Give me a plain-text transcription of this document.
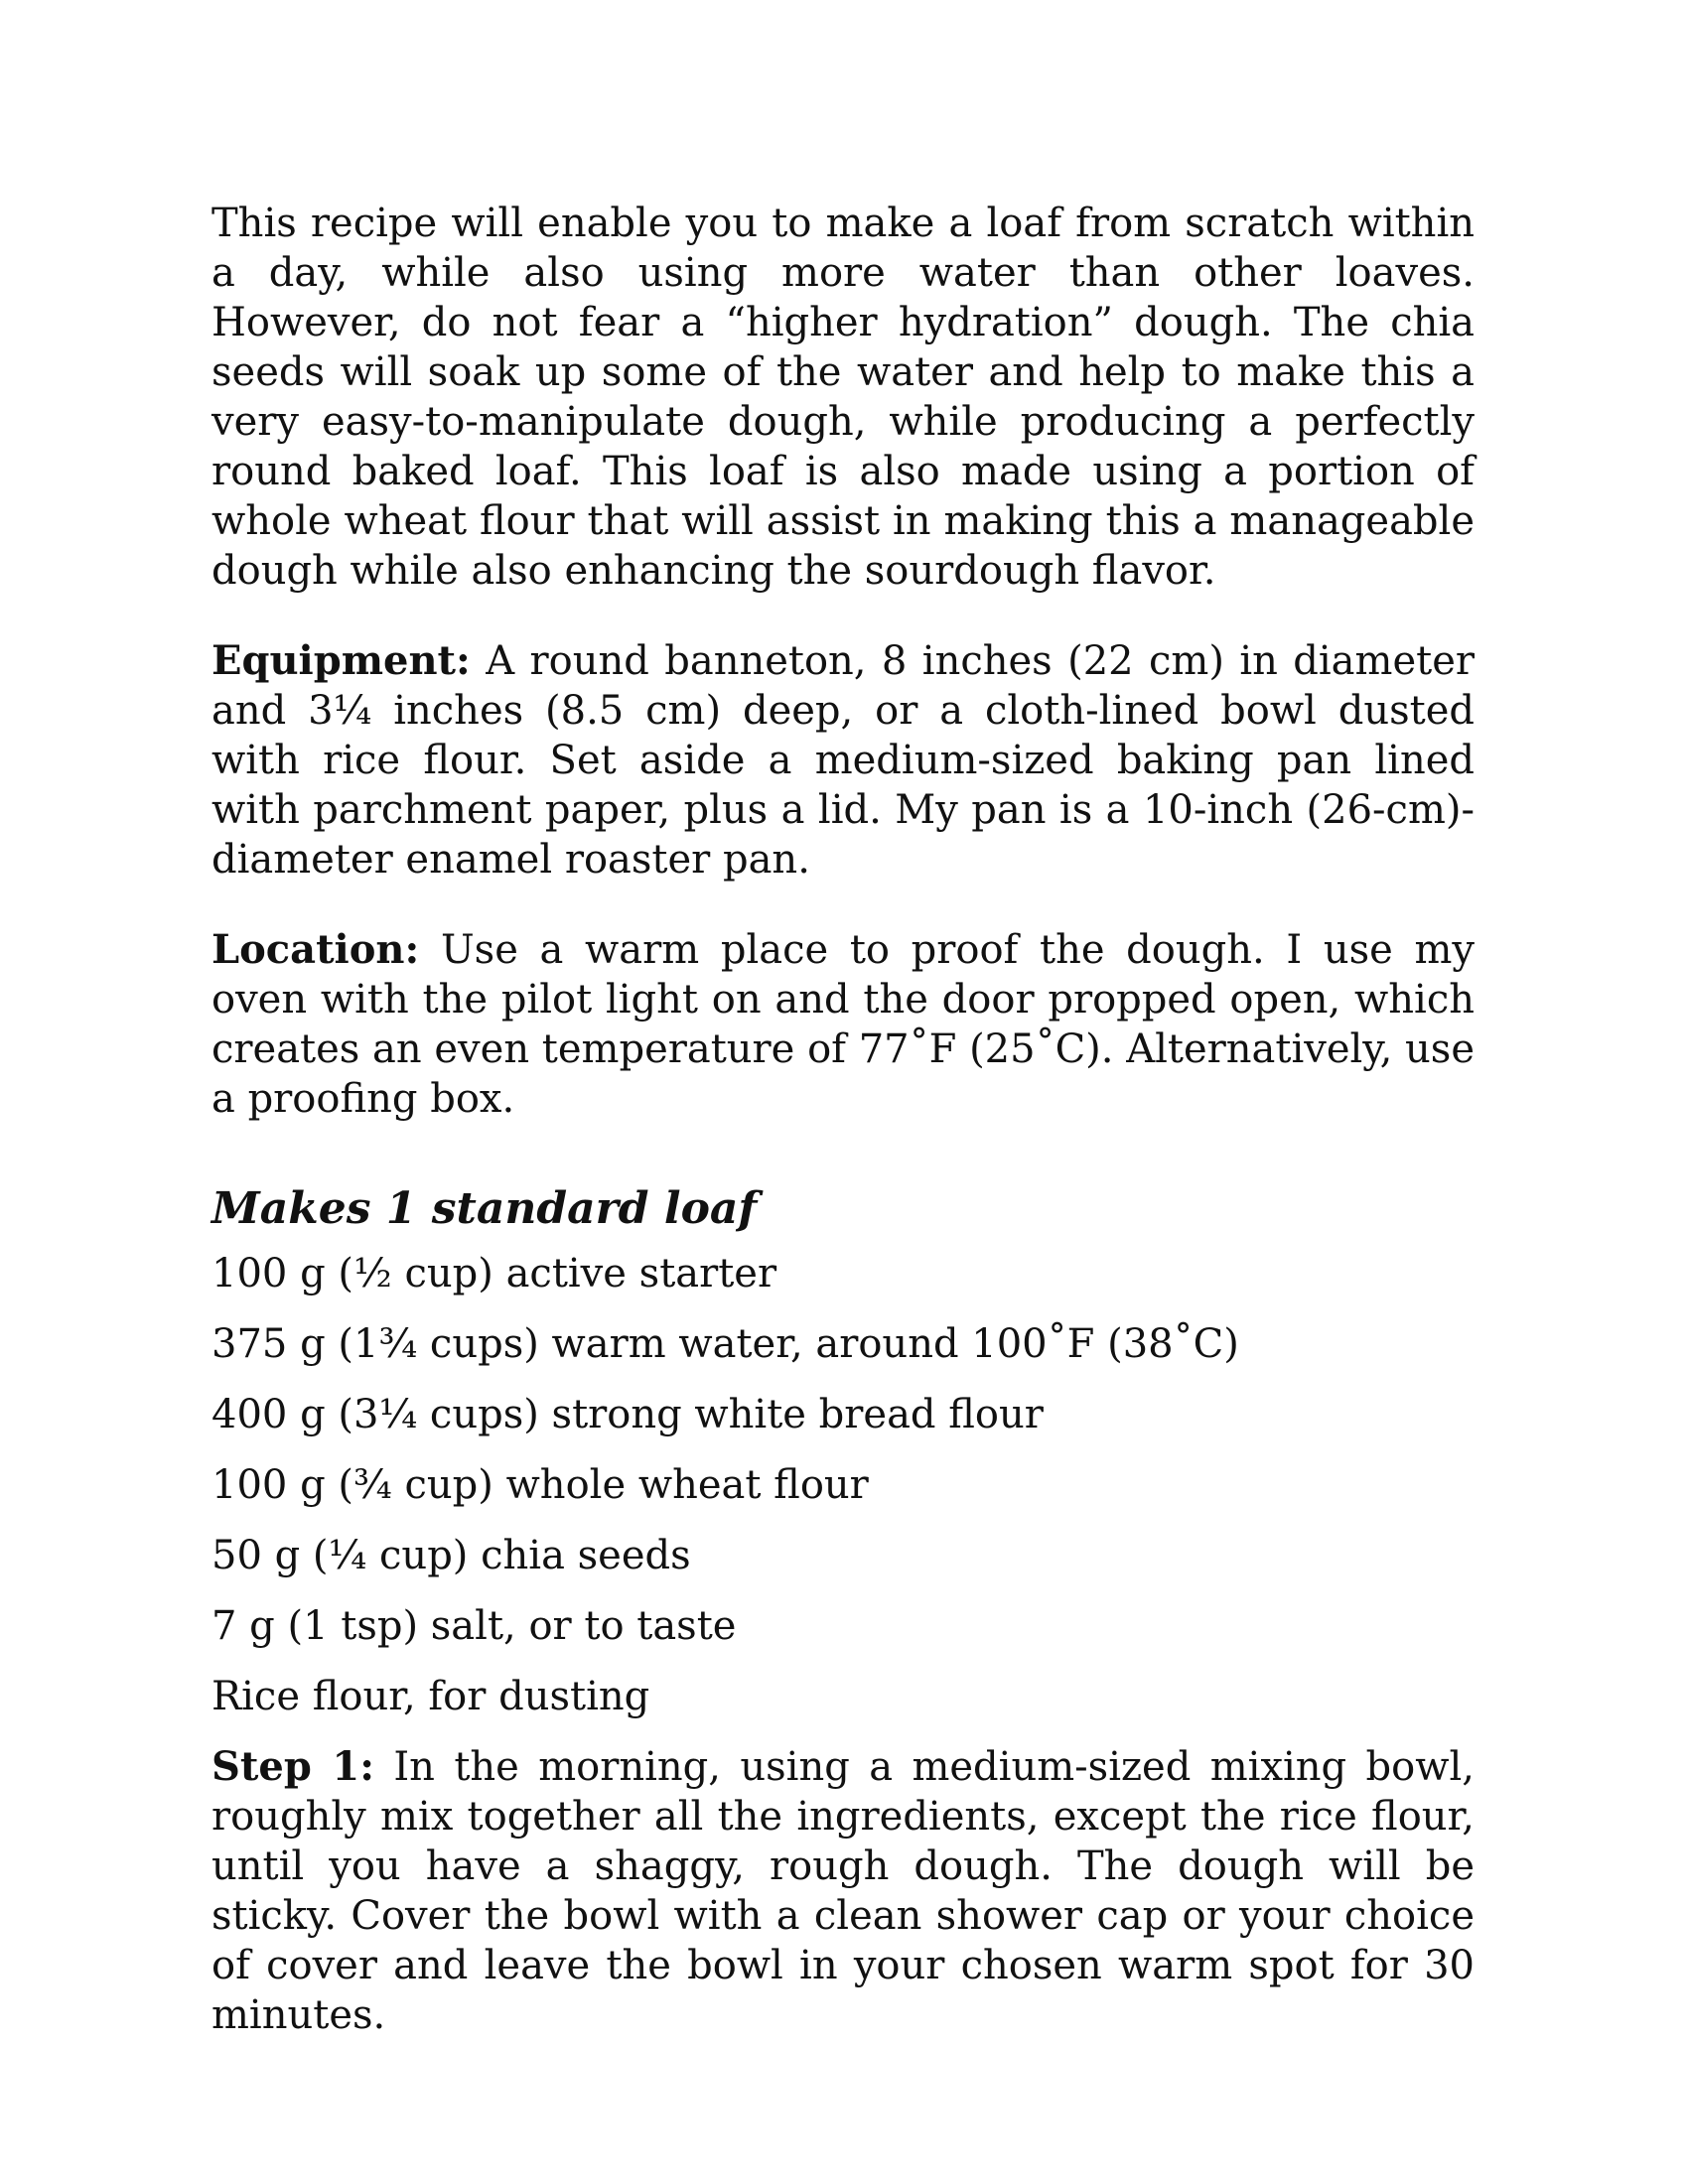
This recipe will enable you to make a loaf from scratch within a day, while also using more water than other loaves. However, do not fear a “higher hydration” dough. The chia seeds will soak up some of the water and help to make this a very easy-to-manipulate dough, while producing a perfectly round baked loaf. This loaf is also made using a portion of whole wheat flour that will assist in making this a manageable dough while also enhancing the sourdough flavor.

Equipment: A round banneton, 8 inches (22 cm) in diameter and 3¼ inches (8.5 cm) deep, or a cloth-lined bowl dusted with rice flour. Set aside a medium-sized baking pan lined with parchment paper, plus a lid. My pan is a 10-inch (26-cm)-diameter enamel roaster pan.

Location: Use a warm place to proof the dough. I use my oven with the pilot light on and the door propped open, which creates an even temperature of 77˚F (25˚C). Alternatively, use a proofing box.

Makes 1 standard loaf
100 g (½ cup) active starter
375 g (1¾ cups) warm water, around 100˚F (38˚C)
400 g (3¼ cups) strong white bread flour
100 g (¾ cup) whole wheat flour
50 g (¼ cup) chia seeds
7 g (1 tsp) salt, or to taste
Rice flour, for dusting

Step 1: In the morning, using a medium-sized mixing bowl, roughly mix together all the ingredients, except the rice flour, until you have a shaggy, rough dough. The dough will be sticky. Cover the bowl with a clean shower cap or your choice of cover and leave the bowl in your chosen warm spot for 30 minutes.
